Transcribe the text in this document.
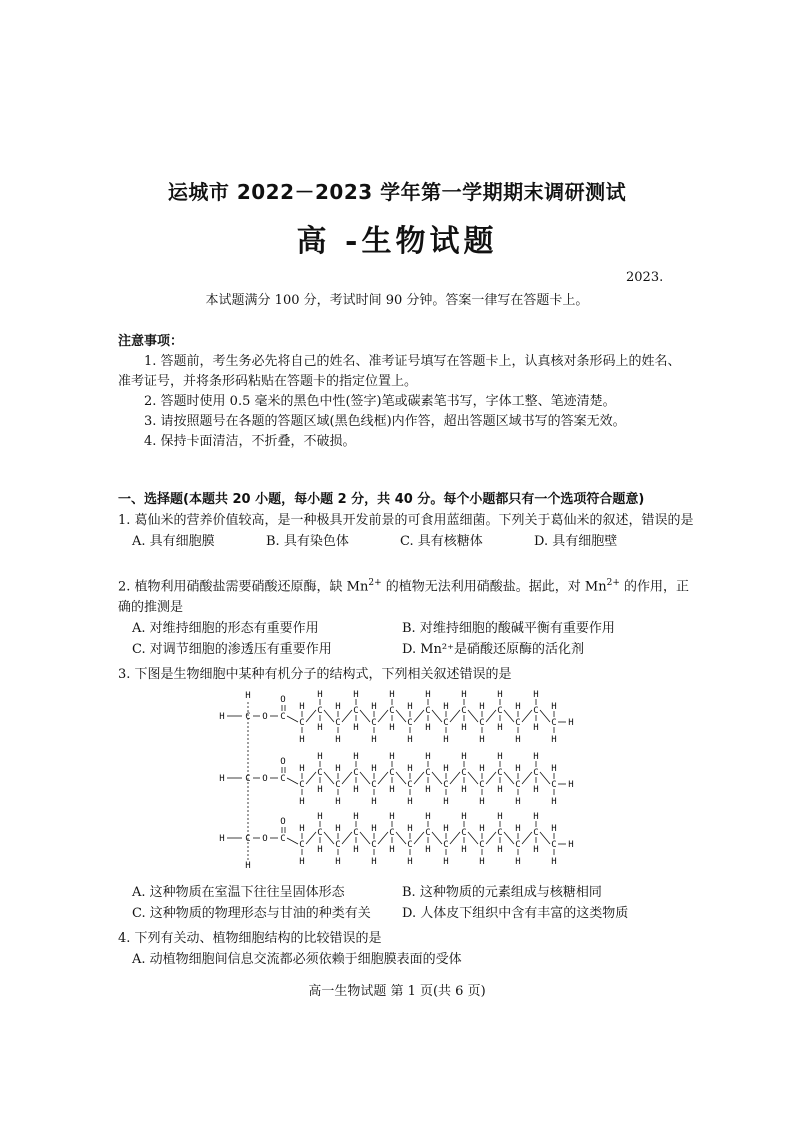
运城市 2022－2023 学年第一学期期末调研测试
高 -生物试题
2023.
本试题满分 100 分，考试时间 90 分钟。答案一律写在答题卡上。
注意事项：

1. 答题前，考生务必先将自己的姓名、准考证号填写在答题卡上，认真核对条形码上的姓名、准考证号，并将条形码粘贴在答题卡的指定位置上。

2. 答题时使用 0.5 毫米的黑色中性(签字)笔或碳素笔书写，字体工整、笔迹清楚。

3. 请按照题号在各题的答题区域(黑色线框)内作答，超出答题区域书写的答案无效。

4. 保持卡面清洁，不折叠，不破损。

一、选择题(本题共 20 小题，每小题 2 分，共 40 分。每个小题都只有一个选项符合题意)

1. 葛仙米的营养价值较高，是一种极具开发前景的可食用蓝细菌。下列关于葛仙米的叙述，错误的是

A. 具有细胞膜	B. 具有染色体	C. 具有核糖体	D. 具有细胞壁

2. 植物利用硝酸盐需要硝酸还原酶，缺 $Mn^{2+}$ 的植物无法利用硝酸盐。据此，对 $Mn^{2+}$ 的作用，正确的推测是

A. 对维持细胞的形态有重要作用	B. 对维持细胞的酸碱平衡有重要作用
C. 对调节细胞的渗透压有重要作用	D. Mn²⁺是硝酸还原酶的活化剂

3. 下图是生物细胞中某种有机分子的结构式，下列相关叙述错误的是

H
H
H C O C
O
C
H
H
C
H
H C
H
H
C
H
H C
H
H
C
H
H C
H
H
C
H
H C
H
H
C
H
H C
H
H
C
H
H C
H
H
C
H
H C
H
H
H
H C O C
O
C
H
H
C
H
H C
H
H
C
H
H C
H
H
C
H
H C
H
H
C
H
H C
H
H
C
H
H C
H
H
C
H
H C
H
H
C
H
H C
H
H
H
H C O C
O
C
H
H
C
H
H C
H
H
C
H
H C
H
H
C
H
H C
H
H
C
H
H C
H
H
C
H
H C
H
H
C
H
H C
H
H
C
H
H C
H
H
H
A. 这种物质在室温下往往呈固体形态	B. 这种物质的元素组成与核糖相同
C. 这种物质的物理形态与甘油的种类有关	D. 人体皮下组织中含有丰富的这类物质

4. 下列有关动、植物细胞结构的比较错误的是

A. 动植物细胞间信息交流都必须依赖于细胞膜表面的受体

高一生物试题 第 1 页(共 6 页)
